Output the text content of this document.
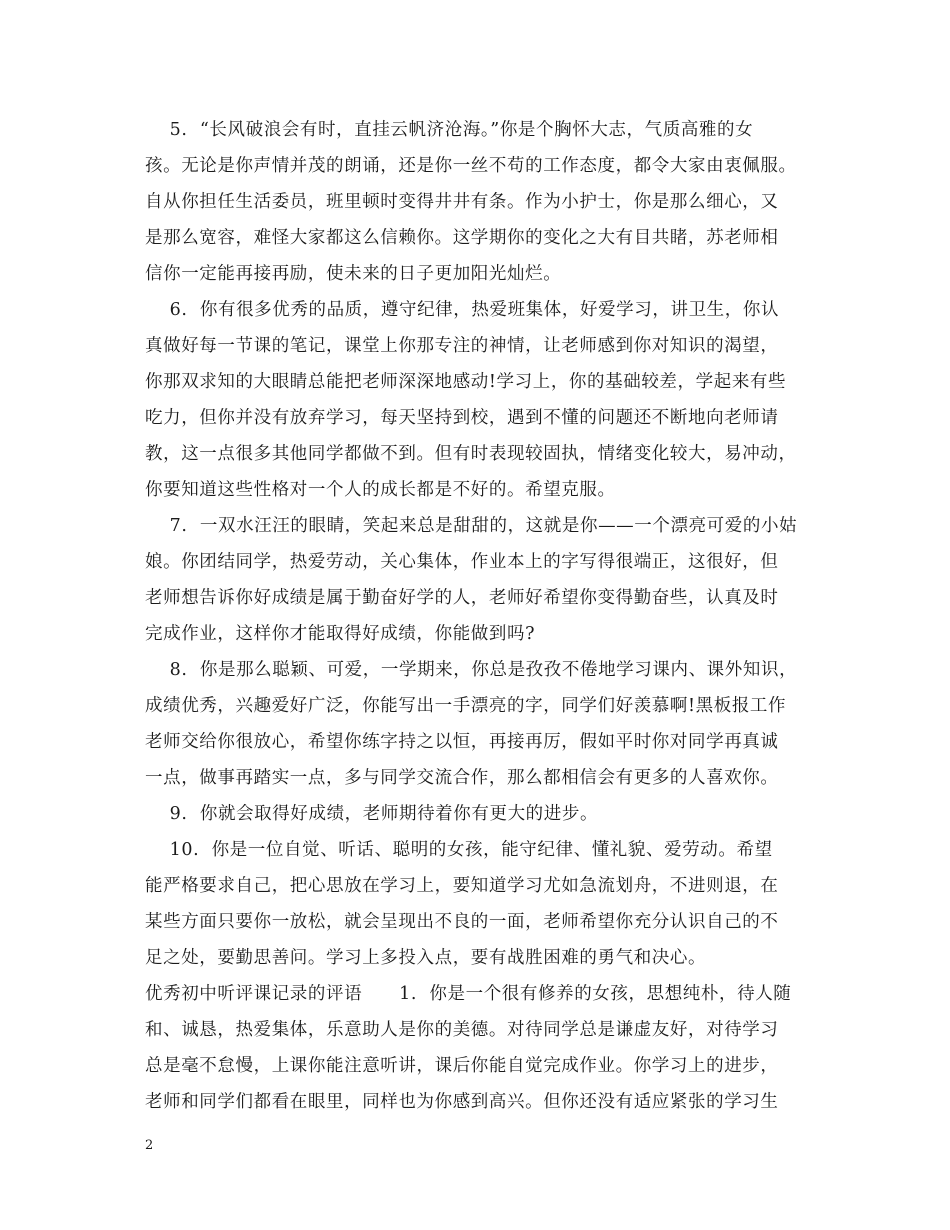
5.  “长风破浪会有时，直挂云帆济沧海。”你是个胸怀大志，气质高雅的女
孩。无论是你声情并茂的朗诵，还是你一丝不苟的工作态度，都令大家由衷佩服。
自从你担任生活委员，班里顿时变得井井有条。作为小护士，你是那么细心，又
是那么宽容，难怪大家都这么信赖你。这学期你的变化之大有目共睹，苏老师相
信你一定能再接再励，使未来的日子更加阳光灿烂。
6.  你有很多优秀的品质，遵守纪律，热爱班集体，好爱学习，讲卫生，你认
真做好每一节课的笔记，课堂上你那专注的神情，让老师感到你对知识的渴望，
你那双求知的大眼睛总能把老师深深地感动!学习上，你的基础较差，学起来有些
吃力，但你并没有放弃学习，每天坚持到校，遇到不懂的问题还不断地向老师请
教，这一点很多其他同学都做不到。但有时表现较固执，情绪变化较大，易冲动，
你要知道这些性格对一个人的成长都是不好的。希望克服。
7.  一双水汪汪的眼睛，笑起来总是甜甜的，这就是你——一个漂亮可爱的小姑
娘。你团结同学，热爱劳动，关心集体，作业本上的字写得很端正，这很好，但
老师想告诉你好成绩是属于勤奋好学的人，老师好希望你变得勤奋些，认真及时
完成作业，这样你才能取得好成绩，你能做到吗?
8.  你是那么聪颖、可爱，一学期来，你总是孜孜不倦地学习课内、课外知识，
成绩优秀，兴趣爱好广泛，你能写出一手漂亮的字，同学们好羡慕啊!黑板报工作
老师交给你很放心，希望你练字持之以恒，再接再厉，假如平时你对同学再真诚
一点，做事再踏实一点，多与同学交流合作，那么都相信会有更多的人喜欢你。
9.  你就会取得好成绩，老师期待着你有更大的进步。
10.  你是一位自觉、听话、聪明的女孩，能守纪律、懂礼貌、爱劳动。希望
能严格要求自己，把心思放在学习上，要知道学习尤如急流划舟，不进则退，在
某些方面只要你一放松，就会呈现出不良的一面，老师希望你充分认识自己的不
足之处，要勤思善问。学习上多投入点，要有战胜困难的勇气和决心。
优秀初中听评课记录的评语      1.  你是一个很有修养的女孩，思想纯朴，待人随
和、诚恳，热爱集体，乐意助人是你的美德。对待同学总是谦虚友好，对待学习
总是毫不怠慢，上课你能注意听讲，课后你能自觉完成作业。你学习上的进步，
老师和同学们都看在眼里，同样也为你感到高兴。但你还没有适应紧张的学习生
2
